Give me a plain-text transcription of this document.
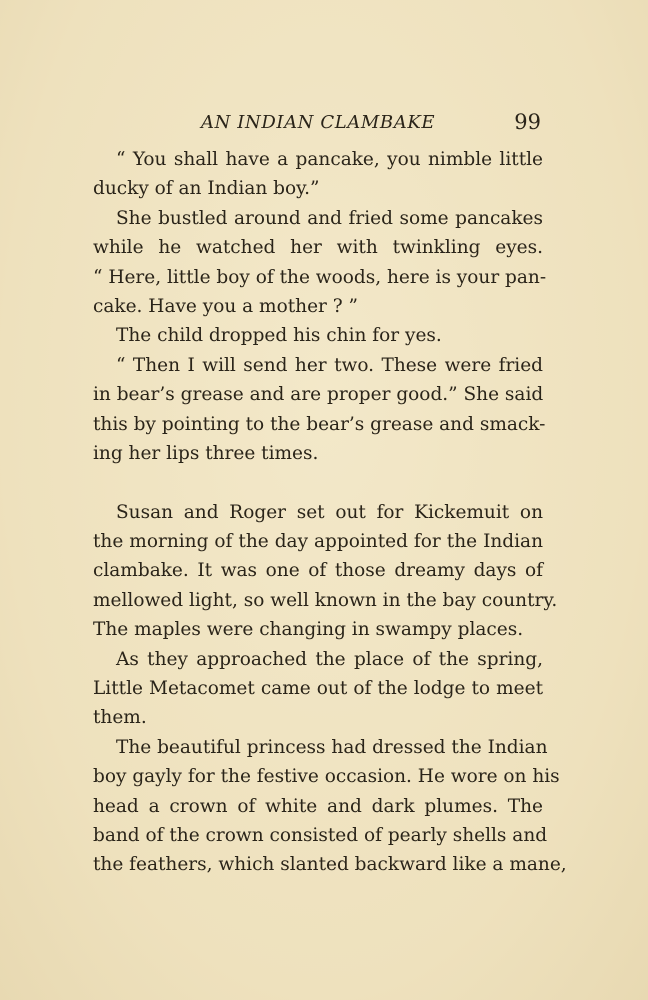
AN INDIAN CLAMBAKE	99
“ You shall have a pancake, you nimble little
ducky of an Indian boy.”
She bustled around and fried some pancakes
while he watched her with twinkling eyes.
“ Here, little boy of the woods, here is your pan-
cake. Have you a mother ? ”
The child dropped his chin for yes.
“ Then I will send her two. These were fried
in bear’s grease and are proper good.” She said
this by pointing to the bear’s grease and smack-
ing her lips three times.
Susan and Roger set out for Kickemuit on
the morning of the day appointed for the Indian
clambake. It was one of those dreamy days of
mellowed light, so well known in the bay country.
The maples were changing in swampy places.
As they approached the place of the spring,
Little Metacomet came out of the lodge to meet
them.
The beautiful princess had dressed the Indian
boy gayly for the festive occasion. He wore on his
head a crown of white and dark plumes. The
band of the crown consisted of pearly shells and
the feathers, which slanted backward like a mane,
